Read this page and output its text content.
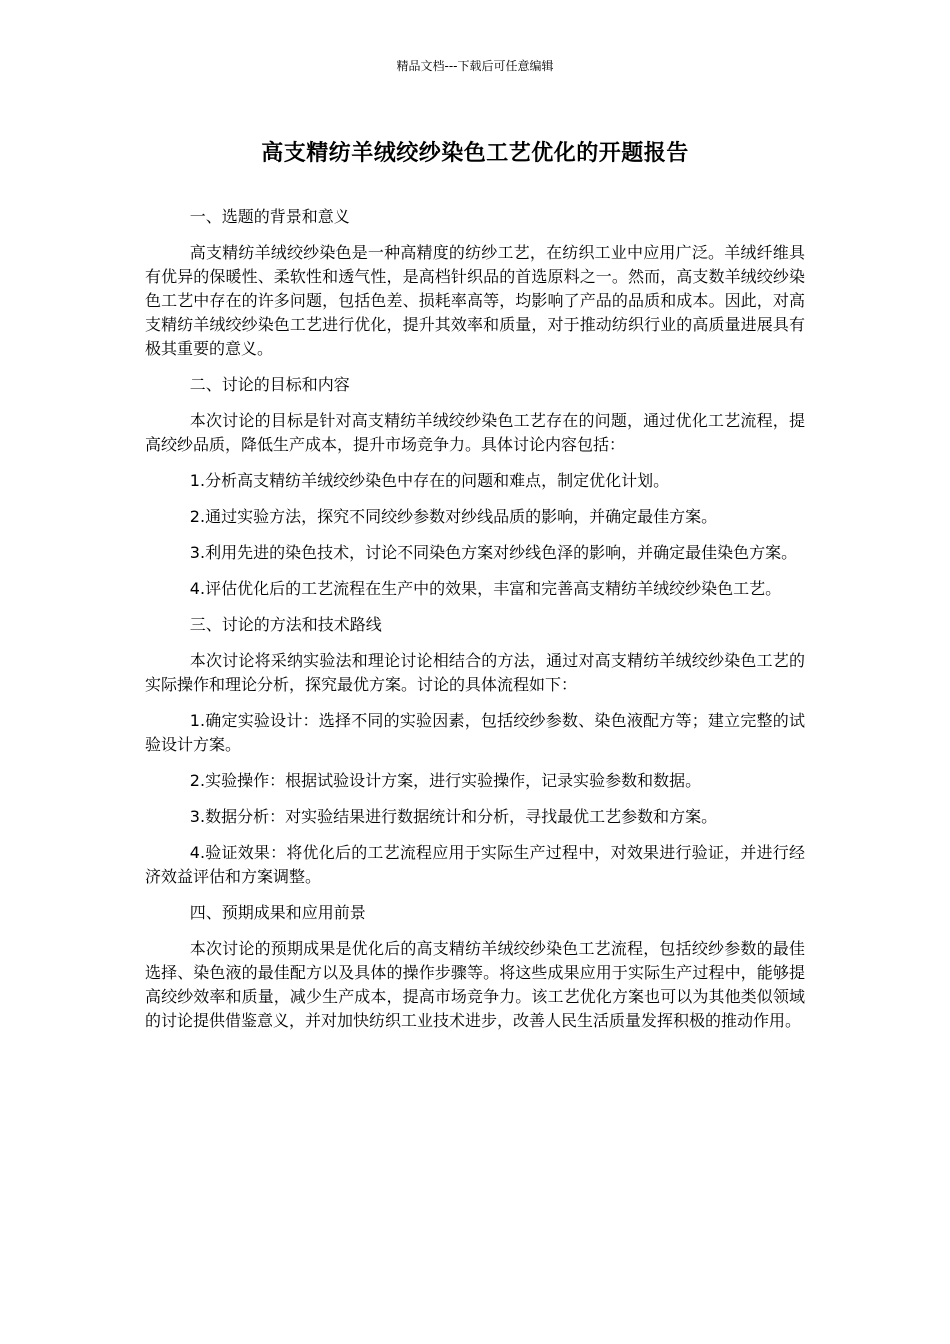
精品文档---下载后可任意编辑
高支精纺羊绒绞纱染色工艺优化的开题报告

一、选题的背景和意义

高支精纺羊绒绞纱染色是一种高精度的纺纱工艺，在纺织工业中应用广泛。羊绒纤维具有优异的保暖性、柔软性和透气性，是高档针织品的首选原料之一。然而，高支数羊绒绞纱染色工艺中存在的许多问题，包括色差、损耗率高等，均影响了产品的品质和成本。因此，对高支精纺羊绒绞纱染色工艺进行优化，提升其效率和质量，对于推动纺织行业的高质量进展具有极其重要的意义。

二、讨论的目标和内容

本次讨论的目标是针对高支精纺羊绒绞纱染色工艺存在的问题，通过优化工艺流程，提高绞纱品质，降低生产成本，提升市场竞争力。具体讨论内容包括：

1.分析高支精纺羊绒绞纱染色中存在的问题和难点，制定优化计划。

2.通过实验方法，探究不同绞纱参数对纱线品质的影响，并确定最佳方案。

3.利用先进的染色技术，讨论不同染色方案对纱线色泽的影响，并确定最佳染色方案。

4.评估优化后的工艺流程在生产中的效果，丰富和完善高支精纺羊绒绞纱染色工艺。

三、讨论的方法和技术路线

本次讨论将采纳实验法和理论讨论相结合的方法，通过对高支精纺羊绒绞纱染色工艺的实际操作和理论分析，探究最优方案。讨论的具体流程如下：

1.确定实验设计：选择不同的实验因素，包括绞纱参数、染色液配方等；建立完整的试验设计方案。

2.实验操作：根据试验设计方案，进行实验操作，记录实验参数和数据。

3.数据分析：对实验结果进行数据统计和分析，寻找最优工艺参数和方案。

4.验证效果：将优化后的工艺流程应用于实际生产过程中，对效果进行验证，并进行经济效益评估和方案调整。

四、预期成果和应用前景

本次讨论的预期成果是优化后的高支精纺羊绒绞纱染色工艺流程，包括绞纱参数的最佳选择、染色液的最佳配方以及具体的操作步骤等。将这些成果应用于实际生产过程中，能够提高绞纱效率和质量，减少生产成本，提高市场竞争力。该工艺优化方案也可以为其他类似领域的讨论提供借鉴意义，并对加快纺织工业技术进步，改善人民生活质量发挥积极的推动作用。
